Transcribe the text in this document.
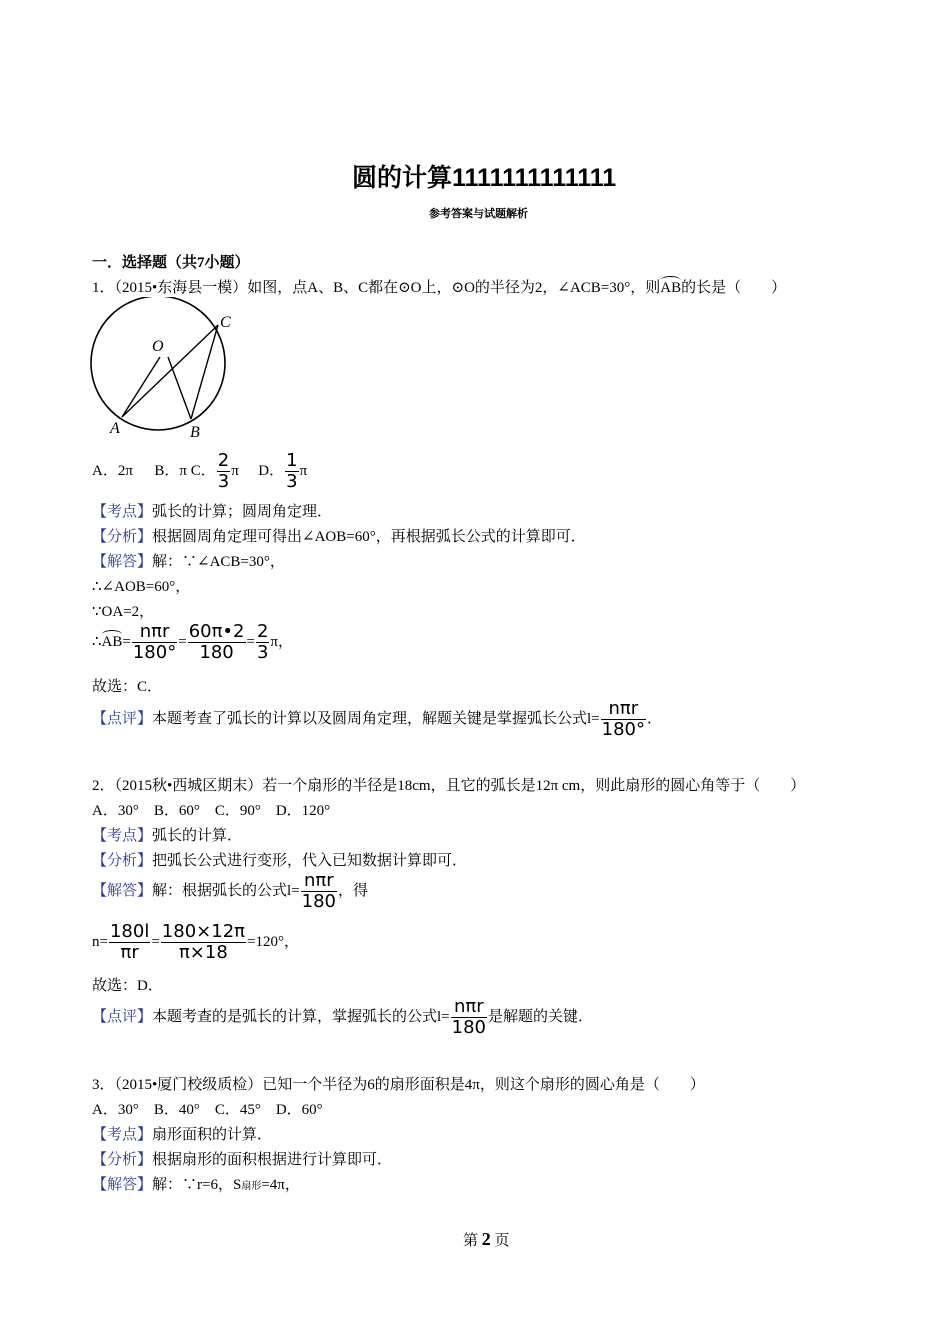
圆的计算1111111111111
参考答案与试题解析
一．选择题（共7小题）
1．（2015•东海县一模）如图，点A、B、C都在⊙O上，⊙O的半径为2，∠ACB=30°，则AB的长是（　　）
O
A	B
C
A．2π B．π C． $\frac{2}{3}$ π D． $\frac{1}{3}$ π
【考点】弧长的计算；圆周角定理．
【分析】根据圆周角定理可得出∠AOB=60°，再根据弧长公式的计算即可．
【解答】解：∵∠ACB=30°，
∴∠AOB=60°，
∵OA=2，
∴AB= $\frac{\text{nπr}}{180^\circ} = \frac{60\pi•2}{180} = \frac{2}{3}$ π，
故选：C．
【点评】本题考查了弧长的计算以及圆周角定理，解题关键是掌握弧长公式$l= \frac{\text{nπr}}{180^\circ}$ ．
2．（2015秋•西城区期末）若一个扇形的半径是18cm，且它的弧长是12π cm，则此扇形的圆心角等于（　　）
A．30°　B．60°　C．90°　D．120°
【考点】弧长的计算．
【分析】把弧长公式进行变形，代入已知数据计算即可．
【解答】解：根据弧长的公式$l= \frac{\text{nπr}}{180}$ ，得
$n= \frac{180l}{\pi r} = \frac{180\times 12\pi}{\pi\times 18} =120^\circ$，
故选：D．
【点评】本题考查的是弧长的计算，掌握弧长的公式$l= \frac{\text{nπr}}{180}$ 是解题的关键．
3．（2015•厦门校级质检）已知一个半径为6的扇形面积是4π，则这个扇形的圆心角是（　　）
A．30°　B．40°　C．45°　D．60°
【考点】扇形面积的计算．
【分析】根据扇形的面积根据进行计算即可．
【解答】解：∵r=6，S扇形=4π，
第 2 页
